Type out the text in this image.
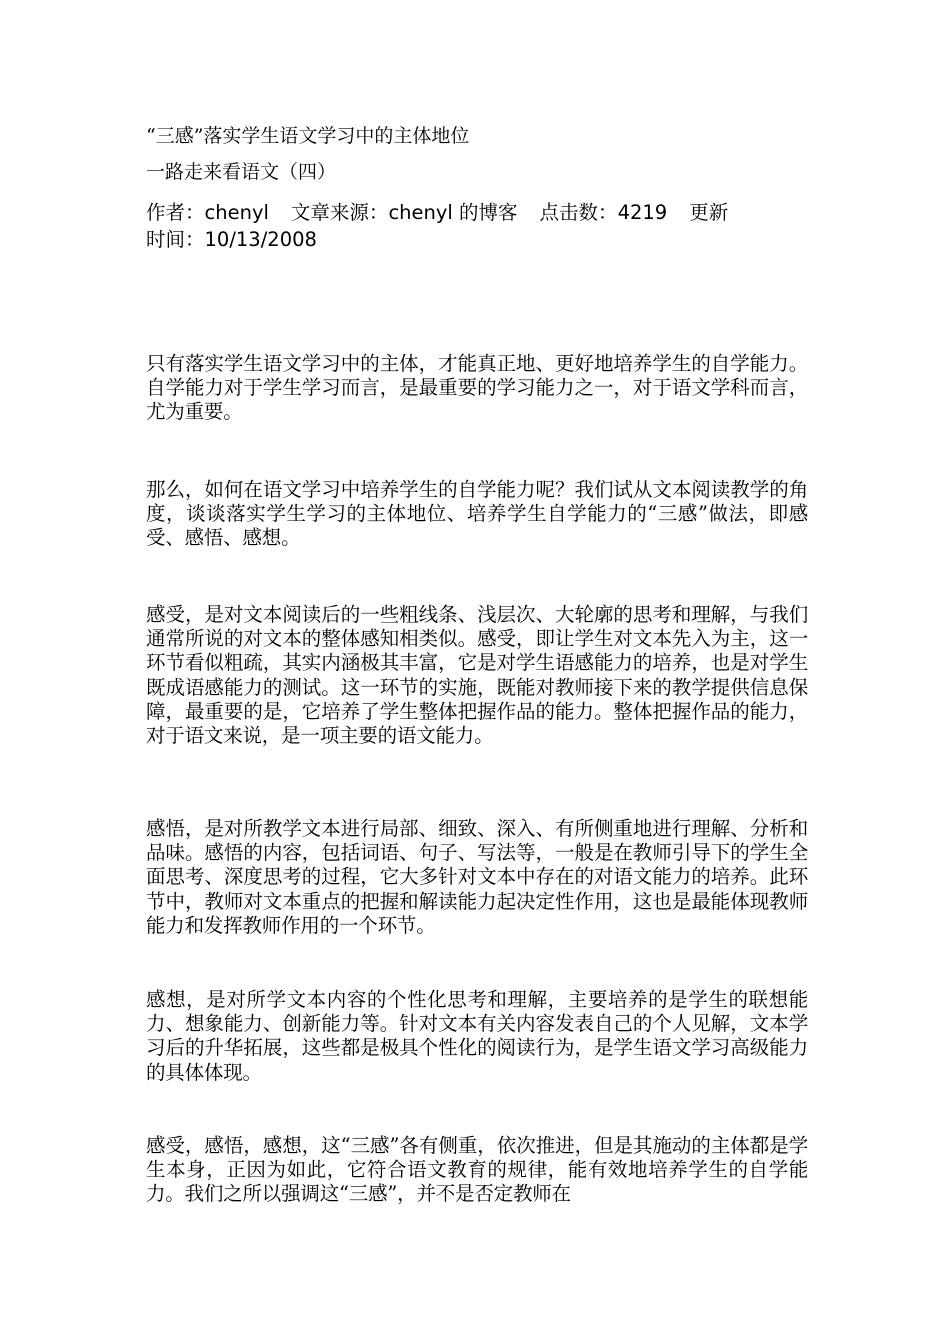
“三感”落实学生语文学习中的主体地位
一路走来看语文（四）
作者：chenyl 文章来源：chenyl 的博客 点击数：4219 更新
时间：10/13/2008

只有落实学生语文学习中的主体，才能真正地、更好地培养学生的自学能力。自学能力对于学生学习而言，是最重要的学习能力之一，对于语文学科而言，尤为重要。

那么，如何在语文学习中培养学生的自学能力呢？我们试从文本阅读教学的角度，谈谈落实学生学习的主体地位、培养学生自学能力的“三感”做法，即感受、感悟、感想。

感受，是对文本阅读后的一些粗线条、浅层次、大轮廓的思考和理解，与我们通常所说的对文本的整体感知相类似。感受，即让学生对文本先入为主，这一环节看似粗疏，其实内涵极其丰富，它是对学生语感能力的培养，也是对学生既成语感能力的测试。这一环节的实施，既能对教师接下来的教学提供信息保障，最重要的是，它培养了学生整体把握作品的能力。整体把握作品的能力，对于语文来说，是一项主要的语文能力。

感悟，是对所教学文本进行局部、细致、深入、有所侧重地进行理解、分析和品味。感悟的内容，包括词语、句子、写法等，一般是在教师引导下的学生全面思考、深度思考的过程，它大多针对文本中存在的对语文能力的培养。此环节中，教师对文本重点的把握和解读能力起决定性作用，这也是最能体现教师能力和发挥教师作用的一个环节。

感想，是对所学文本内容的个性化思考和理解，主要培养的是学生的联想能力、想象能力、创新能力等。针对文本有关内容发表自己的个人见解，文本学习后的升华拓展，这些都是极具个性化的阅读行为，是学生语文学习高级能力的具体体现。

感受，感悟，感想，这“三感”各有侧重，依次推进，但是其施动的主体都是学生本身，正因为如此，它符合语文教育的规律，能有效地培养学生的自学能力。我们之所以强调这“三感”，并不是否定教师在
